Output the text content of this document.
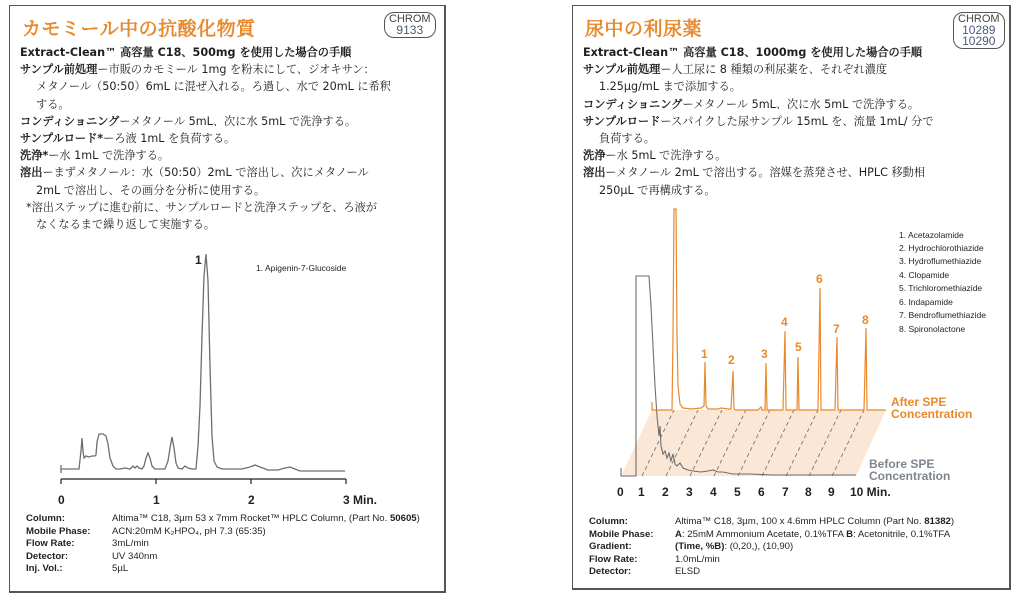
カモミール中の抗酸化物質	CHROM
9133
Extract-Clean™ 高容量 C18、500mg を使用した場合の手順
サンプル前処理ー市販のカモミール 1mg を粉末にして、ジオキサン：
メタノール（50:50）6mL に混ぜ入れる。ろ過し、水で 20mL に希釈
する。
コンディショニングーメタノール 5mL、次に水 5mL で洗浄する。
サンプルロード*ーろ液 1mL を負荷する。
洗浄*ー水 1mL で洗浄する。
溶出ーまずメタノール：水（50:50）2mL で溶出し、次にメタノール
2mL で溶出し、その画分を分析に使用する。
*溶出ステップに進む前に、サンプルロードと洗浄ステップを、ろ液が
なくなるまで繰り返して実施する。
0	1	2	3 Min.
1
1. Apigenin-7-Glucoside
Column:	Altima™ C18, 3µm 53 x 7mm Rocket™ HPLC Column, (Part No. 50605)
Mobile Phase:	ACN:20mM K₂HPO₄, pH 7.3 (65:35)
Flow Rate:	3mL/min
Detector:	UV 340nm
Inj. Vol.:	5µL
尿中の利尿薬	CHROM
10289
10290
Extract-Clean™ 高容量 C18、1000mg を使用した場合の手順
サンプル前処理ー人工尿に 8 種類の利尿薬を、それぞれ濃度
1.25µg/mL まで添加する。
コンディショニングーメタノール 5mL、次に水 5mL で洗浄する。
サンプルロードースパイクした尿サンプル 15mL を、流量 1mL/ 分で
負荷する。
洗浄ー水 5mL で洗浄する。
溶出ーメタノール 2mL で溶出する。溶媒を蒸発させ、HPLC 移動相
250µL で再構成する。
1 2 3
4
5
6
7
8
After SPE
Concentration
Before SPE
Concentration
0 1 2 3 4 5 6 7 8 9 10 Min.
1. Acetazolamide
2. Hydrochlorothiazide
3. Hydroflumethiazide
4. Clopamide
5. Trichloromethiazide
6. Indapamide
7. Bendroflumethiazide
8. Spironolactone
Column:	Altima™ C18, 3µm, 100 x 4.6mm HPLC Column (Part No. 81382)
Mobile Phase:	A: 25mM Ammonium Acetate, 0.1%TFA B: Acetonitrile, 0.1%TFA
Gradient:	(Time, %B): (0,20,), (10,90)
Flow Rate:	1.0mL/min
Detector:	ELSD
